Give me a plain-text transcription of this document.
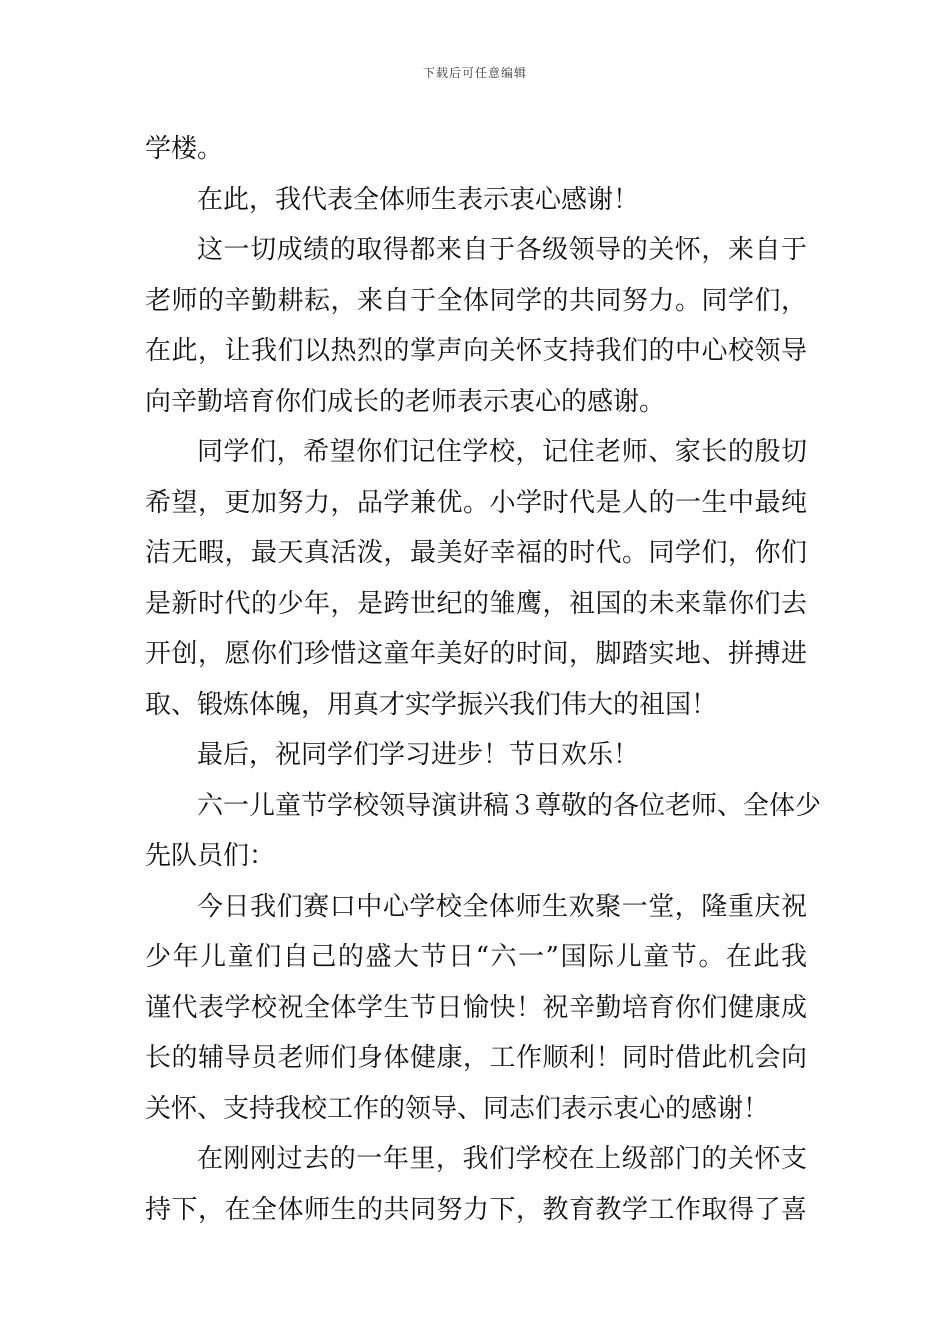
下载后可任意编辑
学楼。
在此，我代表全体师生表示衷心感谢！
这一切成绩的取得都来自于各级领导的关怀，来自于
老师的辛勤耕耘，来自于全体同学的共同努力。同学们，
在此，让我们以热烈的掌声向关怀支持我们的中心校领导
向辛勤培育你们成长的老师表示衷心的感谢。
同学们，希望你们记住学校，记住老师、家长的殷切
希望，更加努力，品学兼优。小学时代是人的一生中最纯
洁无暇，最天真活泼，最美好幸福的时代。同学们，你们
是新时代的少年，是跨世纪的雏鹰，祖国的未来靠你们去
开创，愿你们珍惜这童年美好的时间，脚踏实地、拼搏进
取、锻炼体魄，用真才实学振兴我们伟大的祖国！
最后，祝同学们学习进步！节日欢乐！
六一儿童节学校领导演讲稿３尊敬的各位老师、全体少
先队员们：
今日我们赛口中心学校全体师生欢聚一堂，隆重庆祝
少年儿童们自己的盛大节日“六一”国际儿童节。在此我
谨代表学校祝全体学生节日愉快！祝辛勤培育你们健康成
长的辅导员老师们身体健康，工作顺利！同时借此机会向
关怀、支持我校工作的领导、同志们表示衷心的感谢！
在刚刚过去的一年里，我们学校在上级部门的关怀支
持下，在全体师生的共同努力下，教育教学工作取得了喜
